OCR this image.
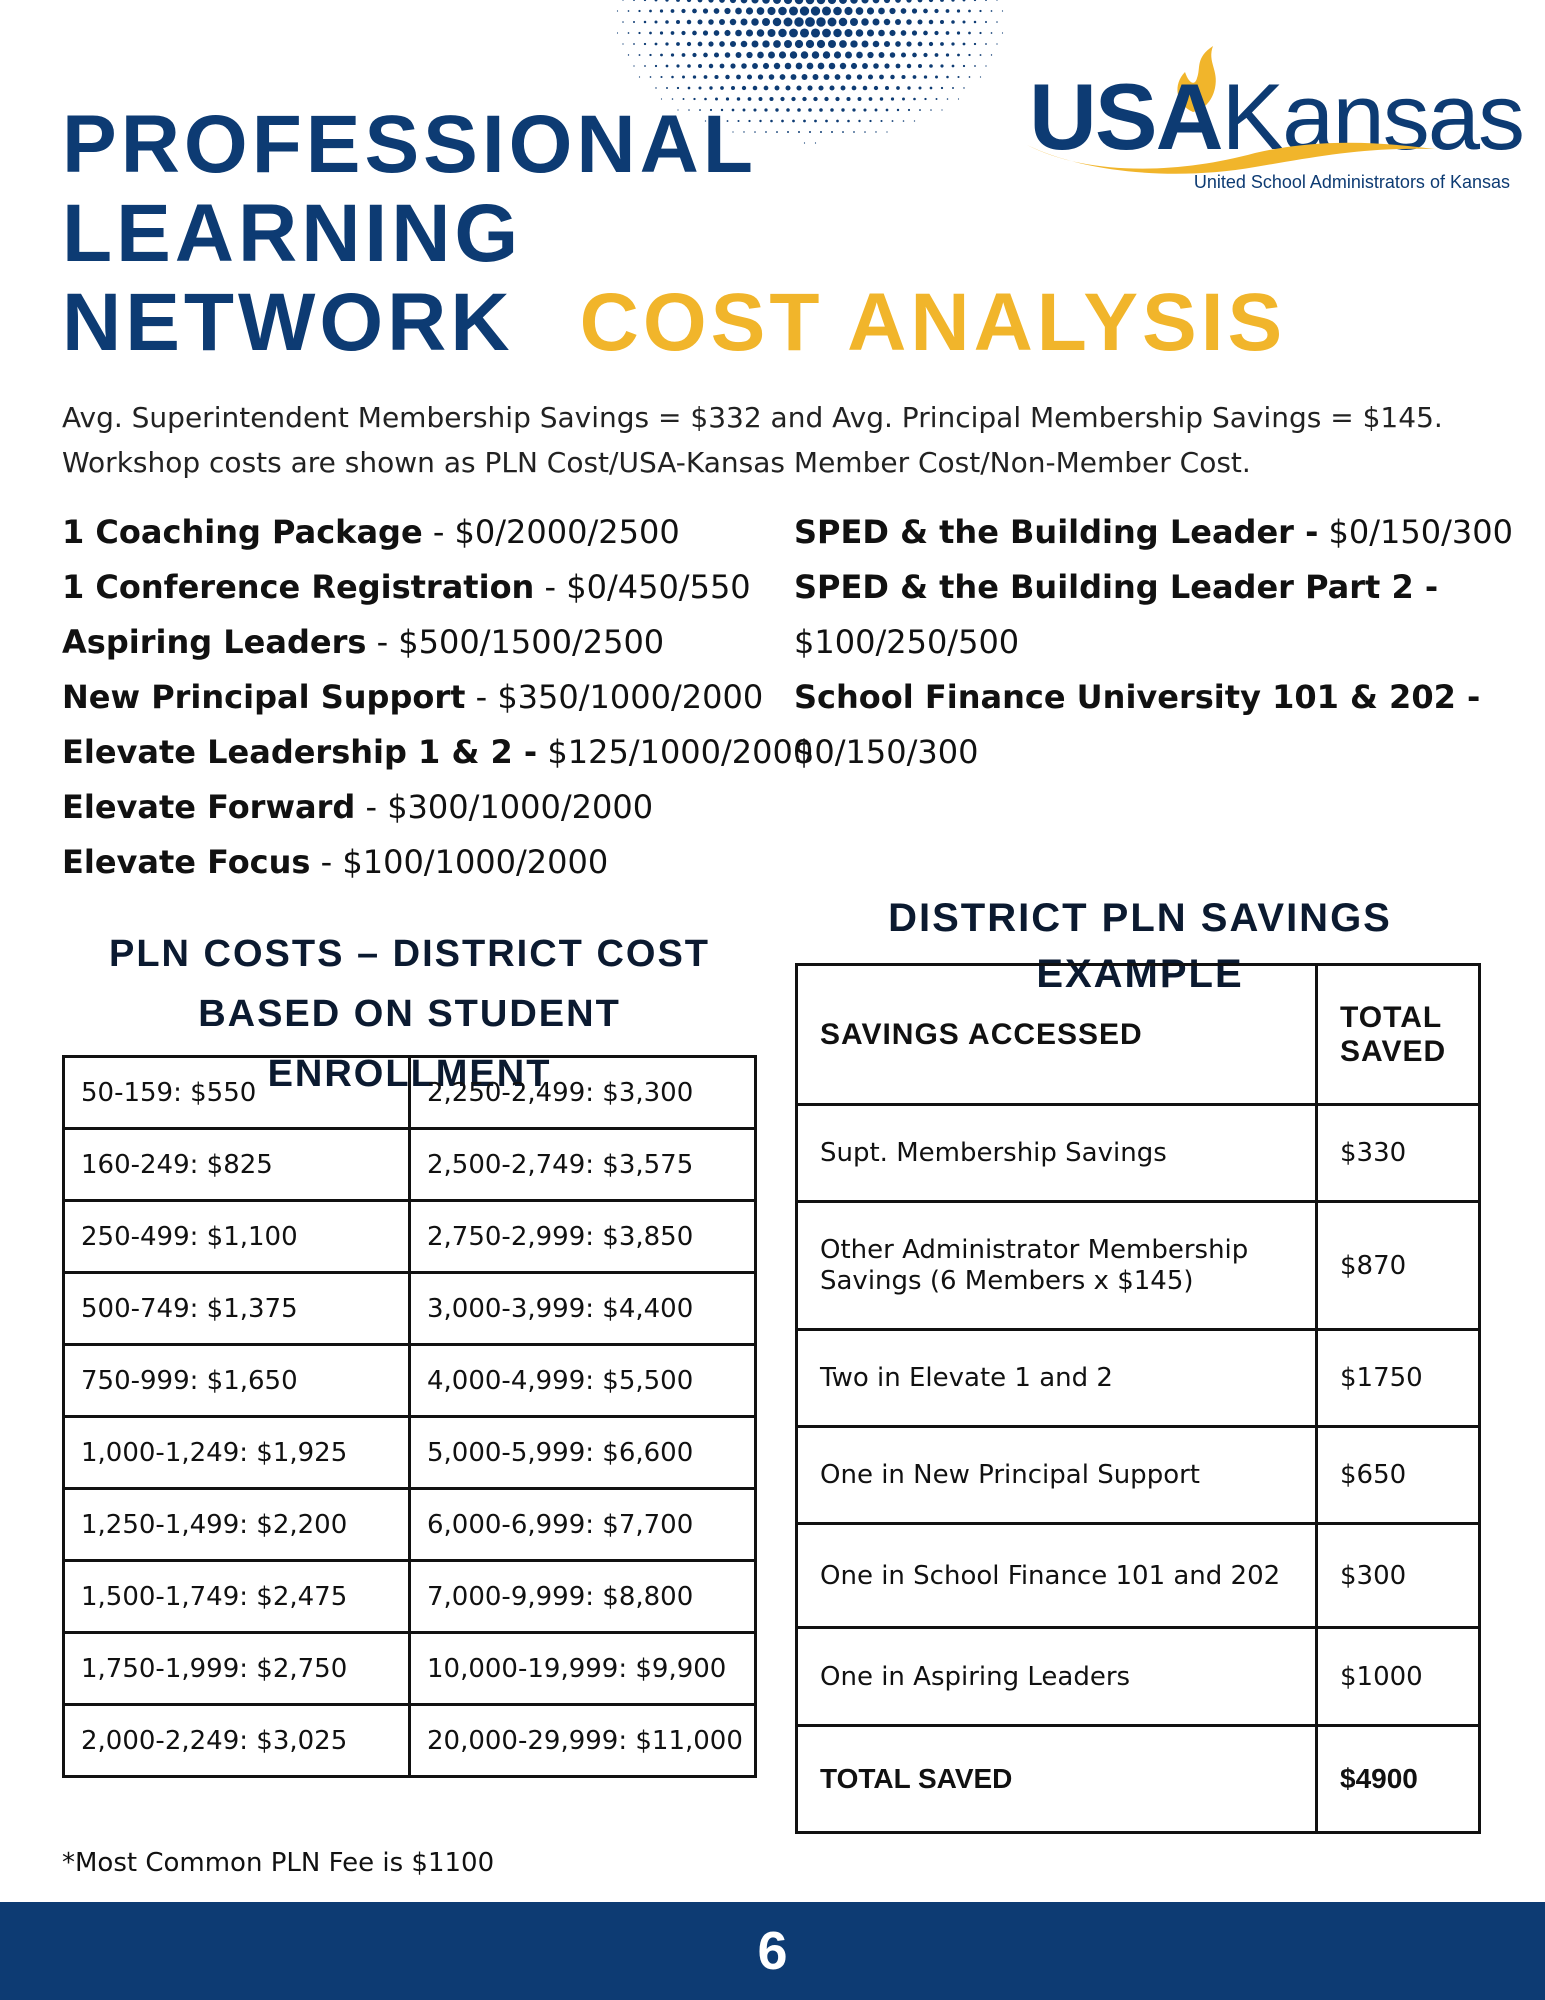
PROFESSIONAL
LEARNING
NETWORK COST ANALYSIS
USAKansas
United School Administrators of Kansas
Avg. Superintendent Membership Savings = $332 and Avg. Principal Membership Savings = $145.
Workshop costs are shown as PLN Cost/USA-Kansas Member Cost/Non-Member Cost.
1 Coaching Package - $0/2000/2500
1 Conference Registration - $0/450/550
Aspiring Leaders - $500/1500/2500
New Principal Support - $350/1000/2000
Elevate Leadership 1 & 2 - $125/1000/2000
Elevate Forward - $300/1000/2000
Elevate Focus - $100/1000/2000
SPED & the Building Leader - $0/150/300
SPED & the Building Leader Part 2 -
$100/250/500
School Finance University 101 & 202 -
$0/150/300
PLN COSTS – DISTRICT COST
BASED ON STUDENT ENROLLMENT
50-159: $550	2,250-2,499: $3,300
160-249: $825	2,500-2,749: $3,575
250-499: $1,100	2,750-2,999: $3,850
500-749: $1,375	3,000-3,999: $4,400
750-999: $1,650	4,000-4,999: $5,500
1,000-1,249: $1,925	5,000-5,999: $6,600
1,250-1,499: $2,200	6,000-6,999: $7,700
1,500-1,749: $2,475	7,000-9,999: $8,800
1,750-1,999: $2,750	10,000-19,999: $9,900
2,000-2,249: $3,025	20,000-29,999: $11,000
*Most Common PLN Fee is $1100
DISTRICT PLN SAVINGS EXAMPLE
SAVINGS ACCESSED	TOTAL
SAVED
Supt. Membership Savings	$330
Other Administrator Membership Savings (6 Members x $145)	$870
Two in Elevate 1 and 2	$1750
One in New Principal Support	$650
One in School Finance 101 and 202	$300
One in Aspiring Leaders	$1000
TOTAL SAVED	$4900
6
